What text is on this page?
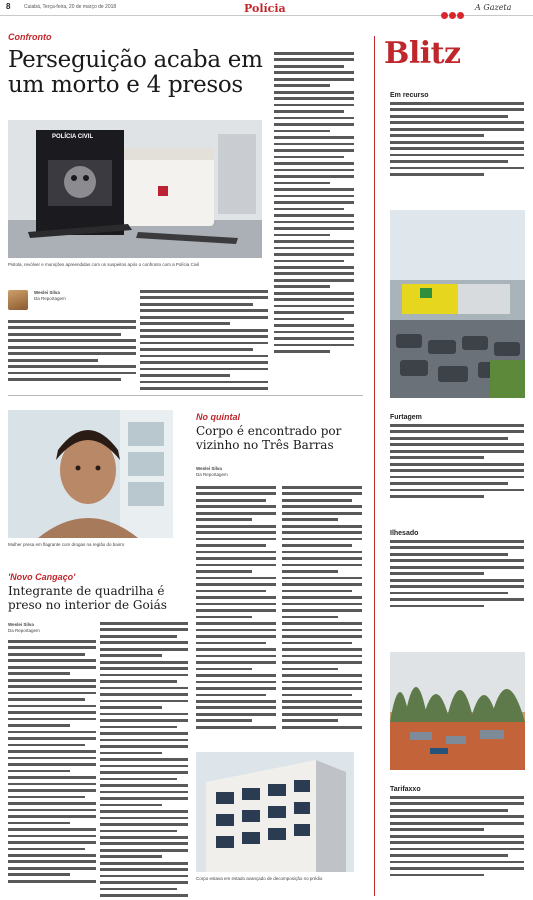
8	Cuiabá, Terça-feira, 20 de março de 2018	Polícia	A Gazeta
Confronto
Perseguição acaba em um morto e 4 presos
POLÍCIA CIVIL
Pistola, revólver e munições apreendidas com os suspeitos após o confronto com a Polícia Civil
Weslei Silva
Da Reportagem
Mulher presa em flagrante com drogas na região do bairro
'Novo Cangaço'
Integrante de quadrilha é preso no interior de Goiás
Weslei Silva
Da Reportagem
No quintal
Corpo é encontrado por vizinho no Três Barras
Weslei Silva
Da Reportagem
Corpo estava em estado avançado de decomposição no prédio
Blitz
Em recurso
Furtagem
Ilhesado
Tarifaxxo
